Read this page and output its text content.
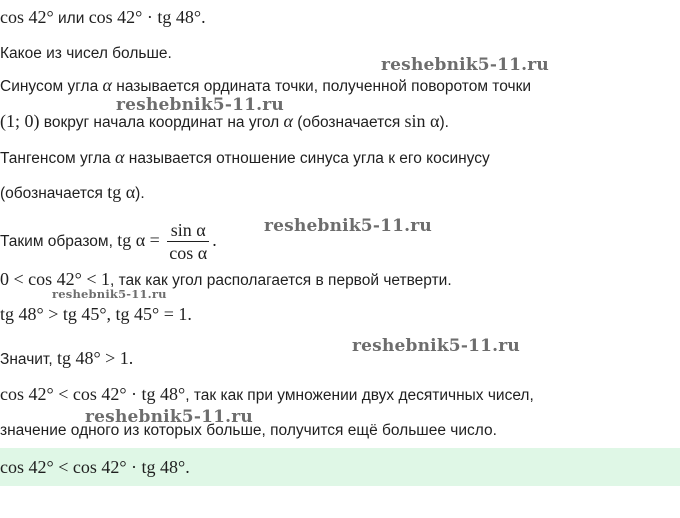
cos 42° или cos 42° · tg 48°.
Какое из чисел больше.
Синусом угла α называется ордината точки, полученной поворотом точки
(1; 0) вокруг начала координат на угол α (обозначается sin α).
Тангенсом угла α называется отношение синуса угла к его косинусу
(обозначается tg α).
Таким образом, tg $\alpha = \frac{\text{sin α}}{\text{cos α}}$ .
0 < cos 42° < 1, так как угол располагается в первой четверти.
tg 48° > tg 45°, tg 45° = 1.
Значит, tg 48° > 1.
cos 42° < cos 42° · tg 48°, так как при умножении двух десятичных чисел,
значение одного из которых больше, получится ещё большее число.
cos 42° < cos 42° · tg 48°.
reshebnik5-11.ru
reshebnik5-11.ru
reshebnik5-11.ru
reshebnik5-11.ru
reshebnik5-11.ru
reshebnik5-11.ru
